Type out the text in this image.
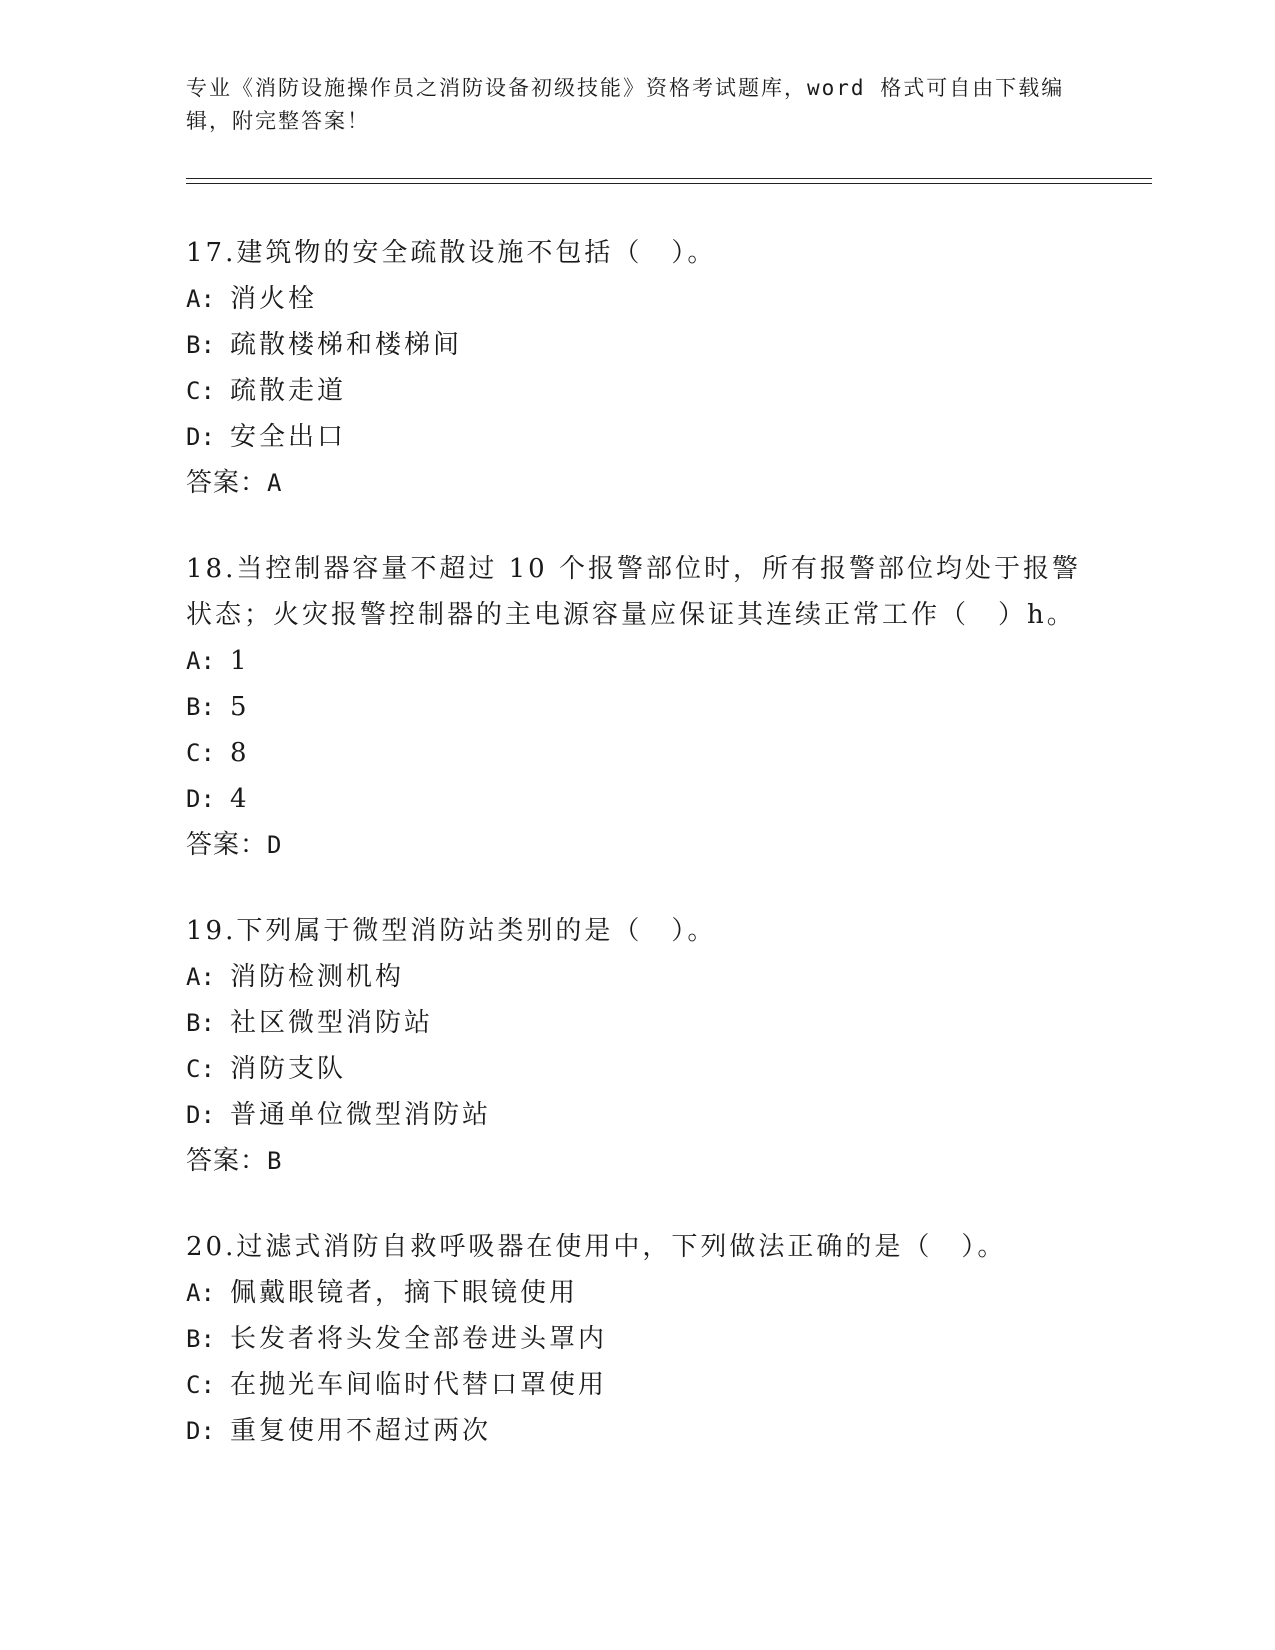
专业《消防设施操作员之消防设备初级技能》资格考试题库，word 格式可自由下载编辑，附完整答案！

17.建筑物的安全疏散设施不包括（　）。

A: 消火栓

B: 疏散楼梯和楼梯间

C: 疏散走道

D: 安全出口

答案：A

18.当控制器容量不超过 10 个报警部位时，所有报警部位均处于报警状态；火灾报警控制器的主电源容量应保证其连续正常工作（　）h。

A: 1

B: 5

C: 8

D: 4

答案：D

19.下列属于微型消防站类别的是（　）。

A: 消防检测机构

B: 社区微型消防站

C: 消防支队

D: 普通单位微型消防站

答案：B

20.过滤式消防自救呼吸器在使用中，下列做法正确的是（　）。

A: 佩戴眼镜者，摘下眼镜使用

B: 长发者将头发全部卷进头罩内

C: 在抛光车间临时代替口罩使用

D: 重复使用不超过两次
